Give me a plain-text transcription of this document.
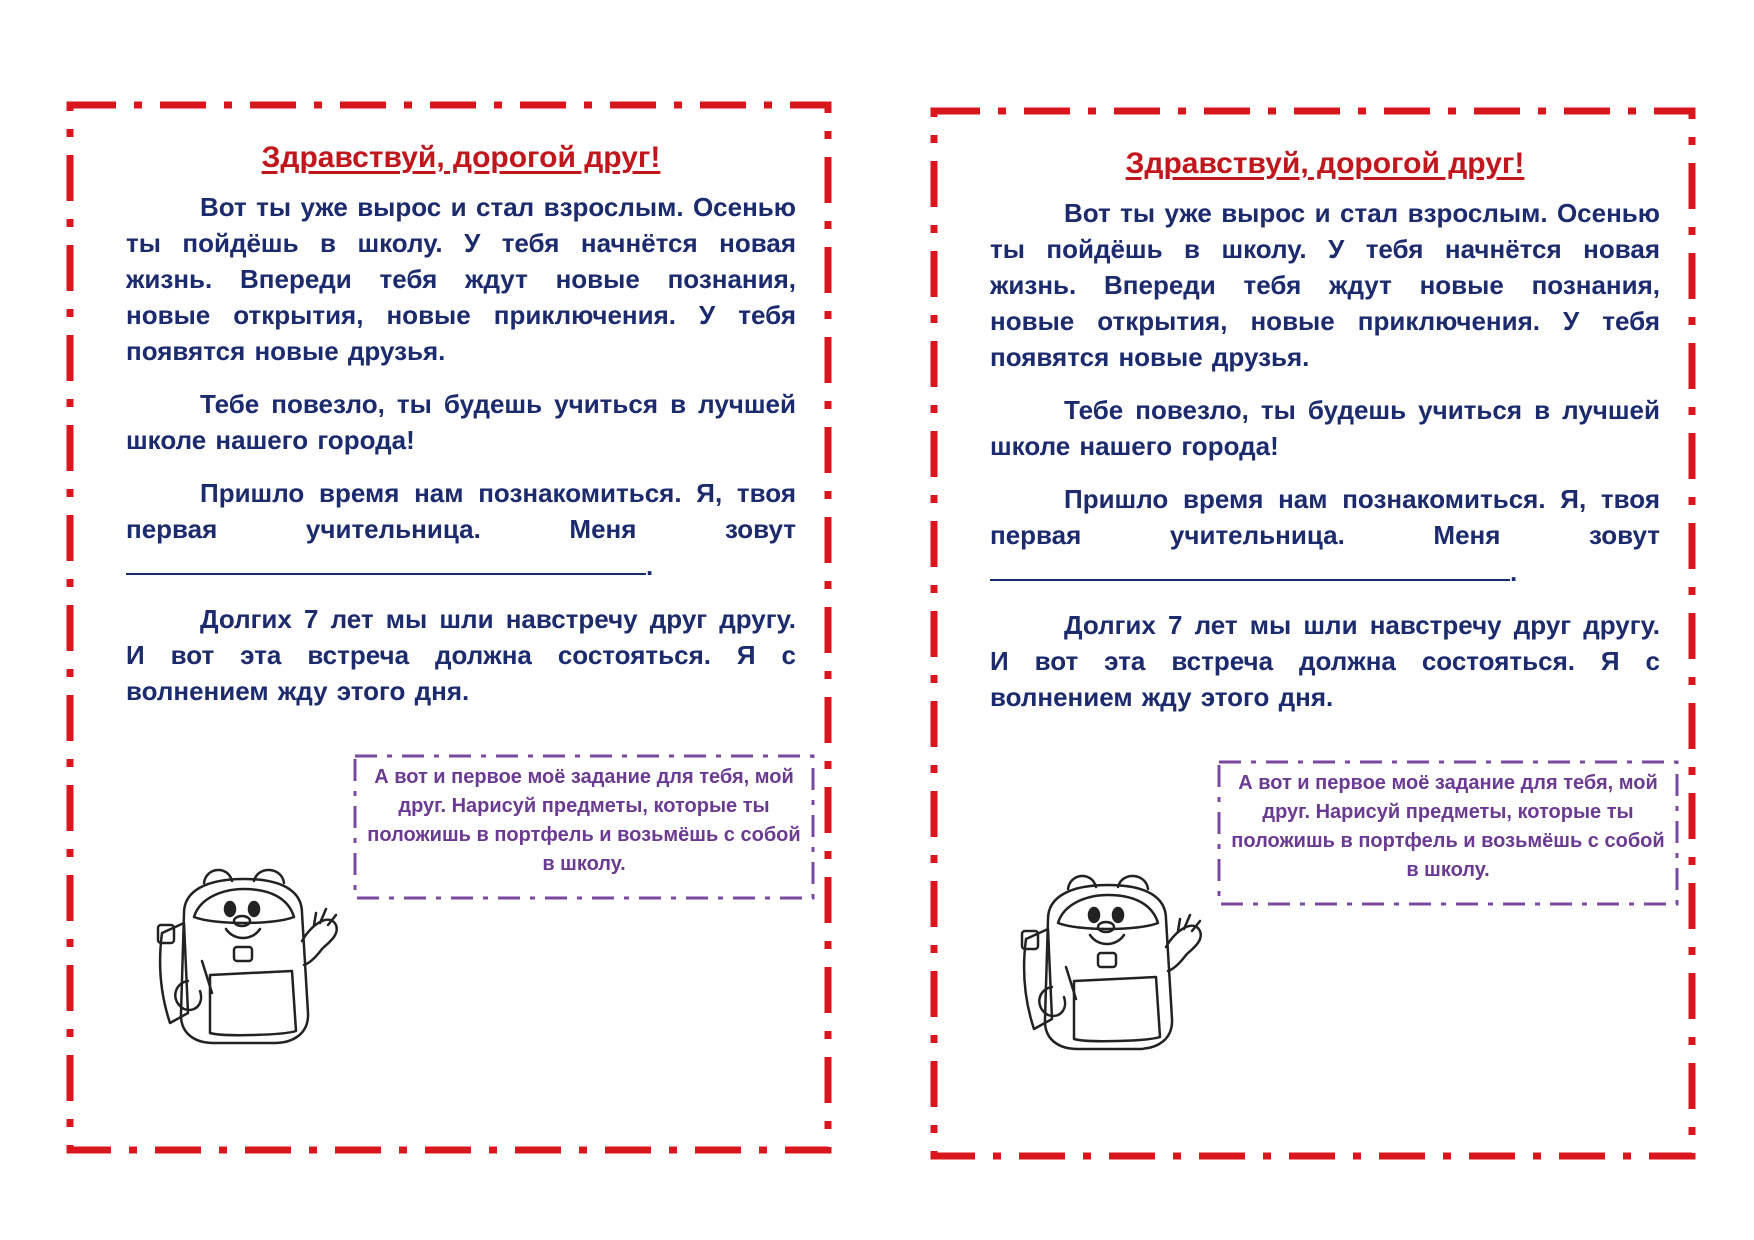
Здравствуй, дорогой друг!

Вот ты уже вырос и стал взрослым. Осенью ты пойдёшь в школу. У тебя начнётся новая жизнь. Впереди тебя ждут новые познания, новые открытия, новые приключения. У тебя появятся новые друзья.

Тебе повезло, ты будешь учиться в лучшей школе нашего города!

Пришло время нам познакомиться. Я, твоя первая учительница. Меня зовут.

Долгих 7 лет мы шли навстречу друг другу. И вот эта встреча должна состояться. Я с волнением жду этого дня.

А вот и первое моё задание для тебя, мой друг. Нарисуй предметы, которые ты положишь в портфель и возьмёшь с собой в школу.
Здравствуй, дорогой друг!

Вот ты уже вырос и стал взрослым. Осенью ты пойдёшь в школу. У тебя начнётся новая жизнь. Впереди тебя ждут новые познания, новые открытия, новые приключения. У тебя появятся новые друзья.

Тебе повезло, ты будешь учиться в лучшей школе нашего города!

Пришло время нам познакомиться. Я, твоя первая учительница. Меня зовут.

Долгих 7 лет мы шли навстречу друг другу. И вот эта встреча должна состояться. Я с волнением жду этого дня.

А вот и первое моё задание для тебя, мой друг. Нарисуй предметы, которые ты положишь в портфель и возьмёшь с собой в школу.
